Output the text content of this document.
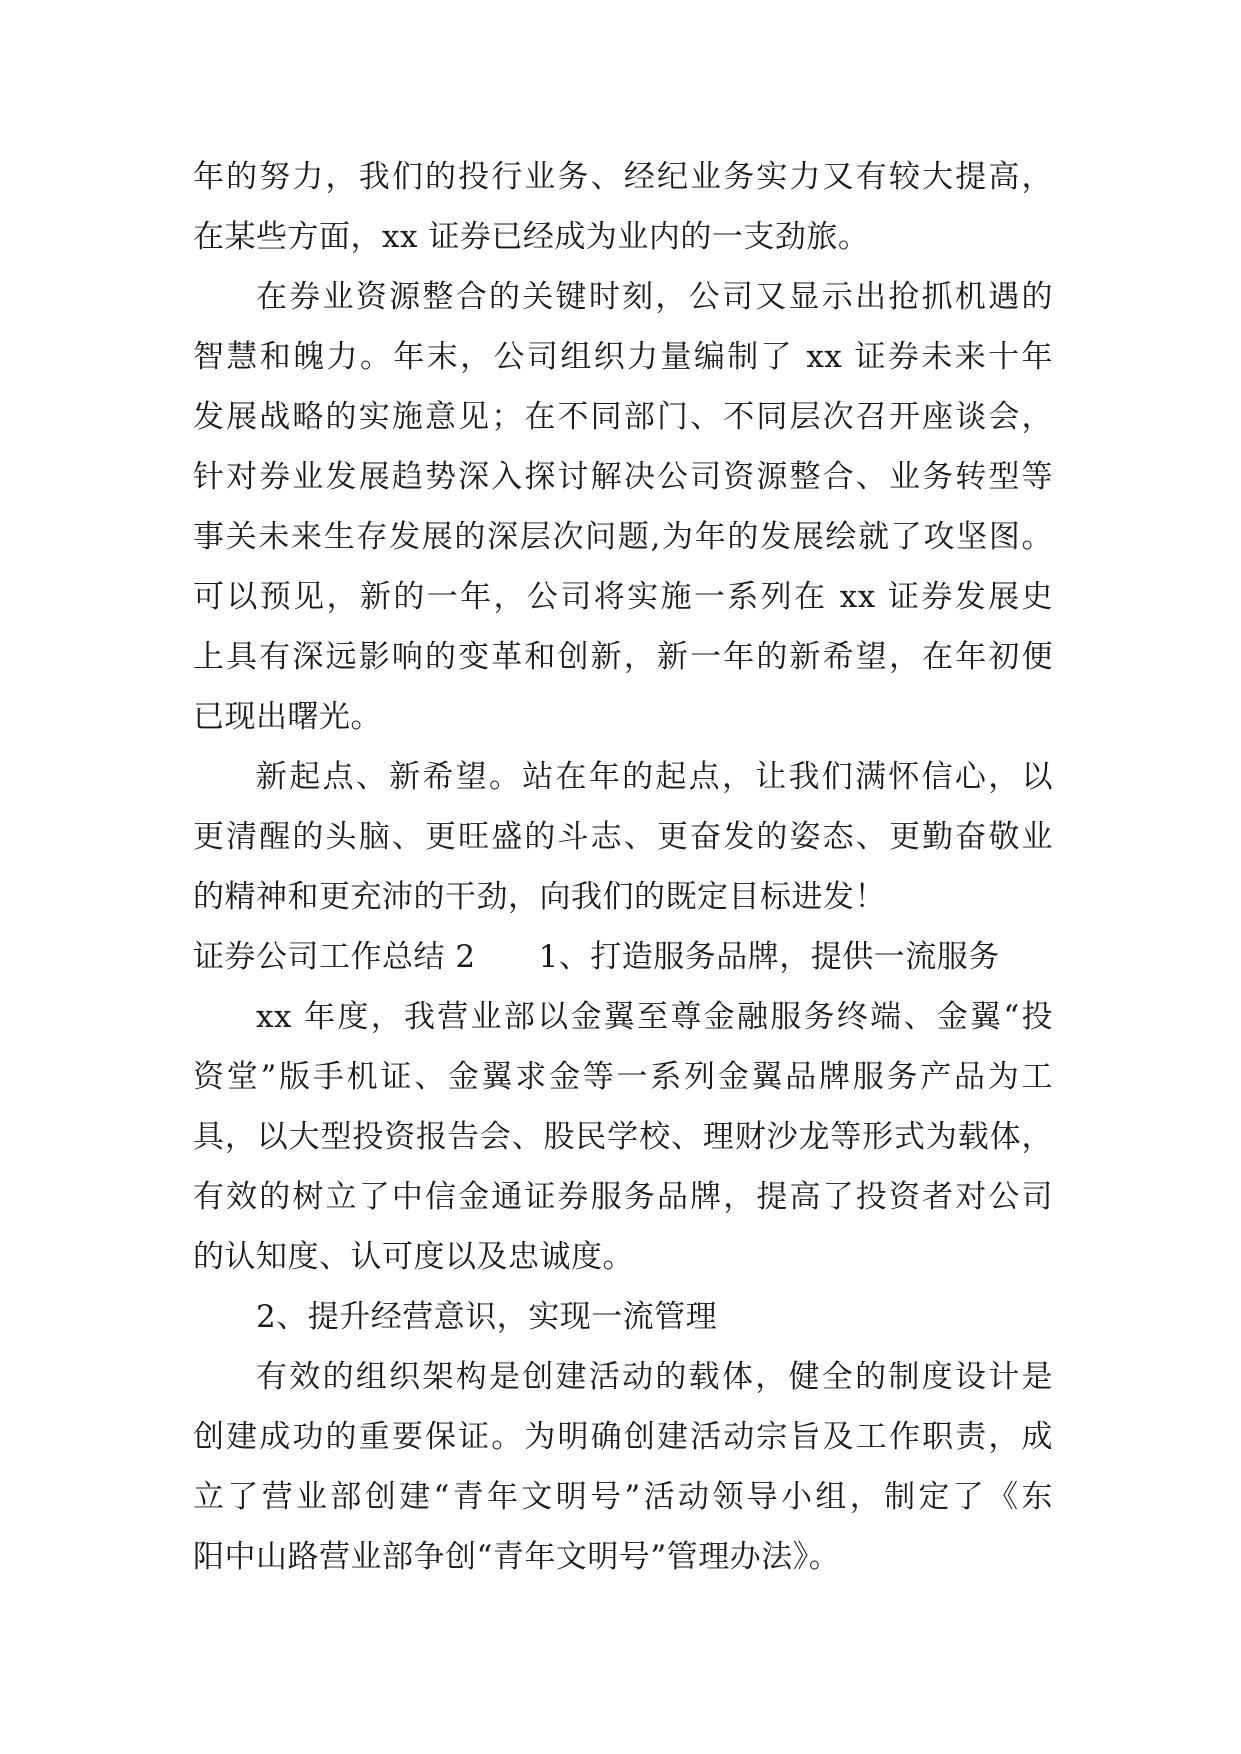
年的努力，我们的投行业务、经纪业务实力又有较大提高，
在某些方面，xx 证券已经成为业内的一支劲旅。
在券业资源整合的关键时刻，公司又显示出抢抓机遇的
智慧和魄力。年末，公司组织力量编制了 xx 证券未来十年
发展战略的实施意见；在不同部门、不同层次召开座谈会，
针对券业发展趋势深入探讨解决公司资源整合、业务转型等
事关未来生存发展的深层次问题,为年的发展绘就了攻坚图。
可以预见，新的一年，公司将实施一系列在 xx 证券发展史
上具有深远影响的变革和创新，新一年的新希望，在年初便
已现出曙光。
新起点、新希望。站在年的起点，让我们满怀信心，以
更清醒的头脑、更旺盛的斗志、更奋发的姿态、更勤奋敬业
的精神和更充沛的干劲，向我们的既定目标进发！
证券公司工作总结 2　　1、打造服务品牌，提供一流服务
xx 年度，我营业部以金翼至尊金融服务终端、金翼“投
资堂”版手机证、金翼求金等一系列金翼品牌服务产品为工
具，以大型投资报告会、股民学校、理财沙龙等形式为载体，
有效的树立了中信金通证券服务品牌，提高了投资者对公司
的认知度、认可度以及忠诚度。
2、提升经营意识，实现一流管理
有效的组织架构是创建活动的载体，健全的制度设计是
创建成功的重要保证。为明确创建活动宗旨及工作职责，成
立了营业部创建“青年文明号”活动领导小组，制定了《东
阳中山路营业部争创“青年文明号”管理办法》。
